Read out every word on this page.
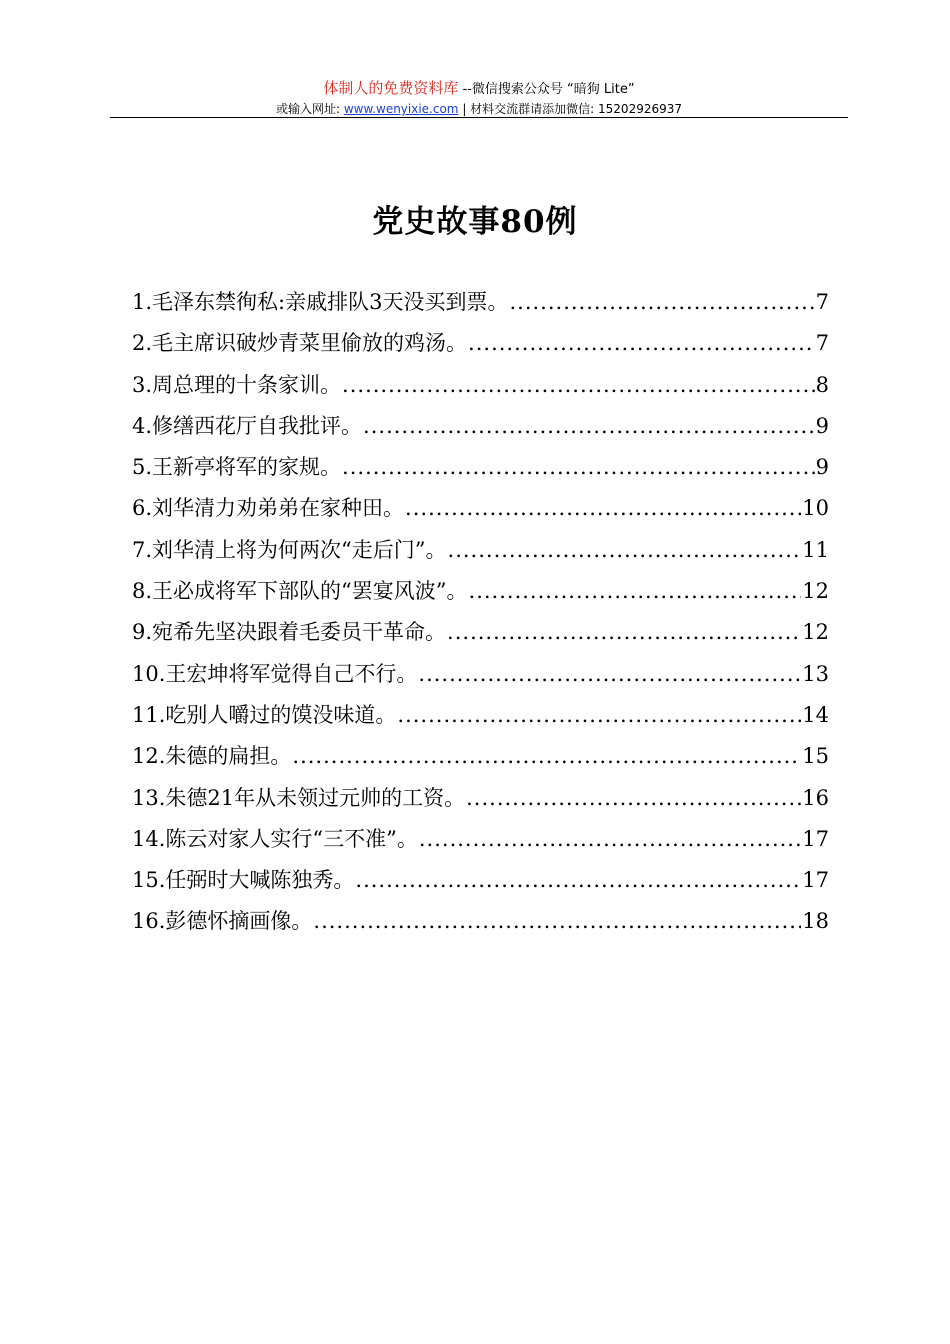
体制人的免费资料库 --微信搜索公众号 “暗狗 Lite”
或输入网址: www.wenyixie.com | 材料交流群请添加微信: 15202926937
党史故事80例
1.毛泽东禁徇私:亲戚排队3天没买到票。 .....	7
2.毛主席识破炒青菜里偷放的鸡汤。 .....	7
3.周总理的十条家训。 .....	8
4.修缮西花厅自我批评。 .....	9
5.王新亭将军的家规。 .....	9
6.刘华清力劝弟弟在家种田。 .....	10
7.刘华清上将为何两次“走后门”。 .....	11
8.王必成将军下部队的“罢宴风波”。 .....	12
9.宛希先坚决跟着毛委员干革命。 .....	12
10.王宏坤将军觉得自己不行。 .....	13
11.吃别人嚼过的馍没味道。 .....	14
12.朱德的扁担。 .....	15
13.朱德21年从未领过元帅的工资。 .....	16
14.陈云对家人实行“三不准”。 .....	17
15.任弼时大喊陈独秀。 .....	17
16.彭德怀摘画像。 .....	18
